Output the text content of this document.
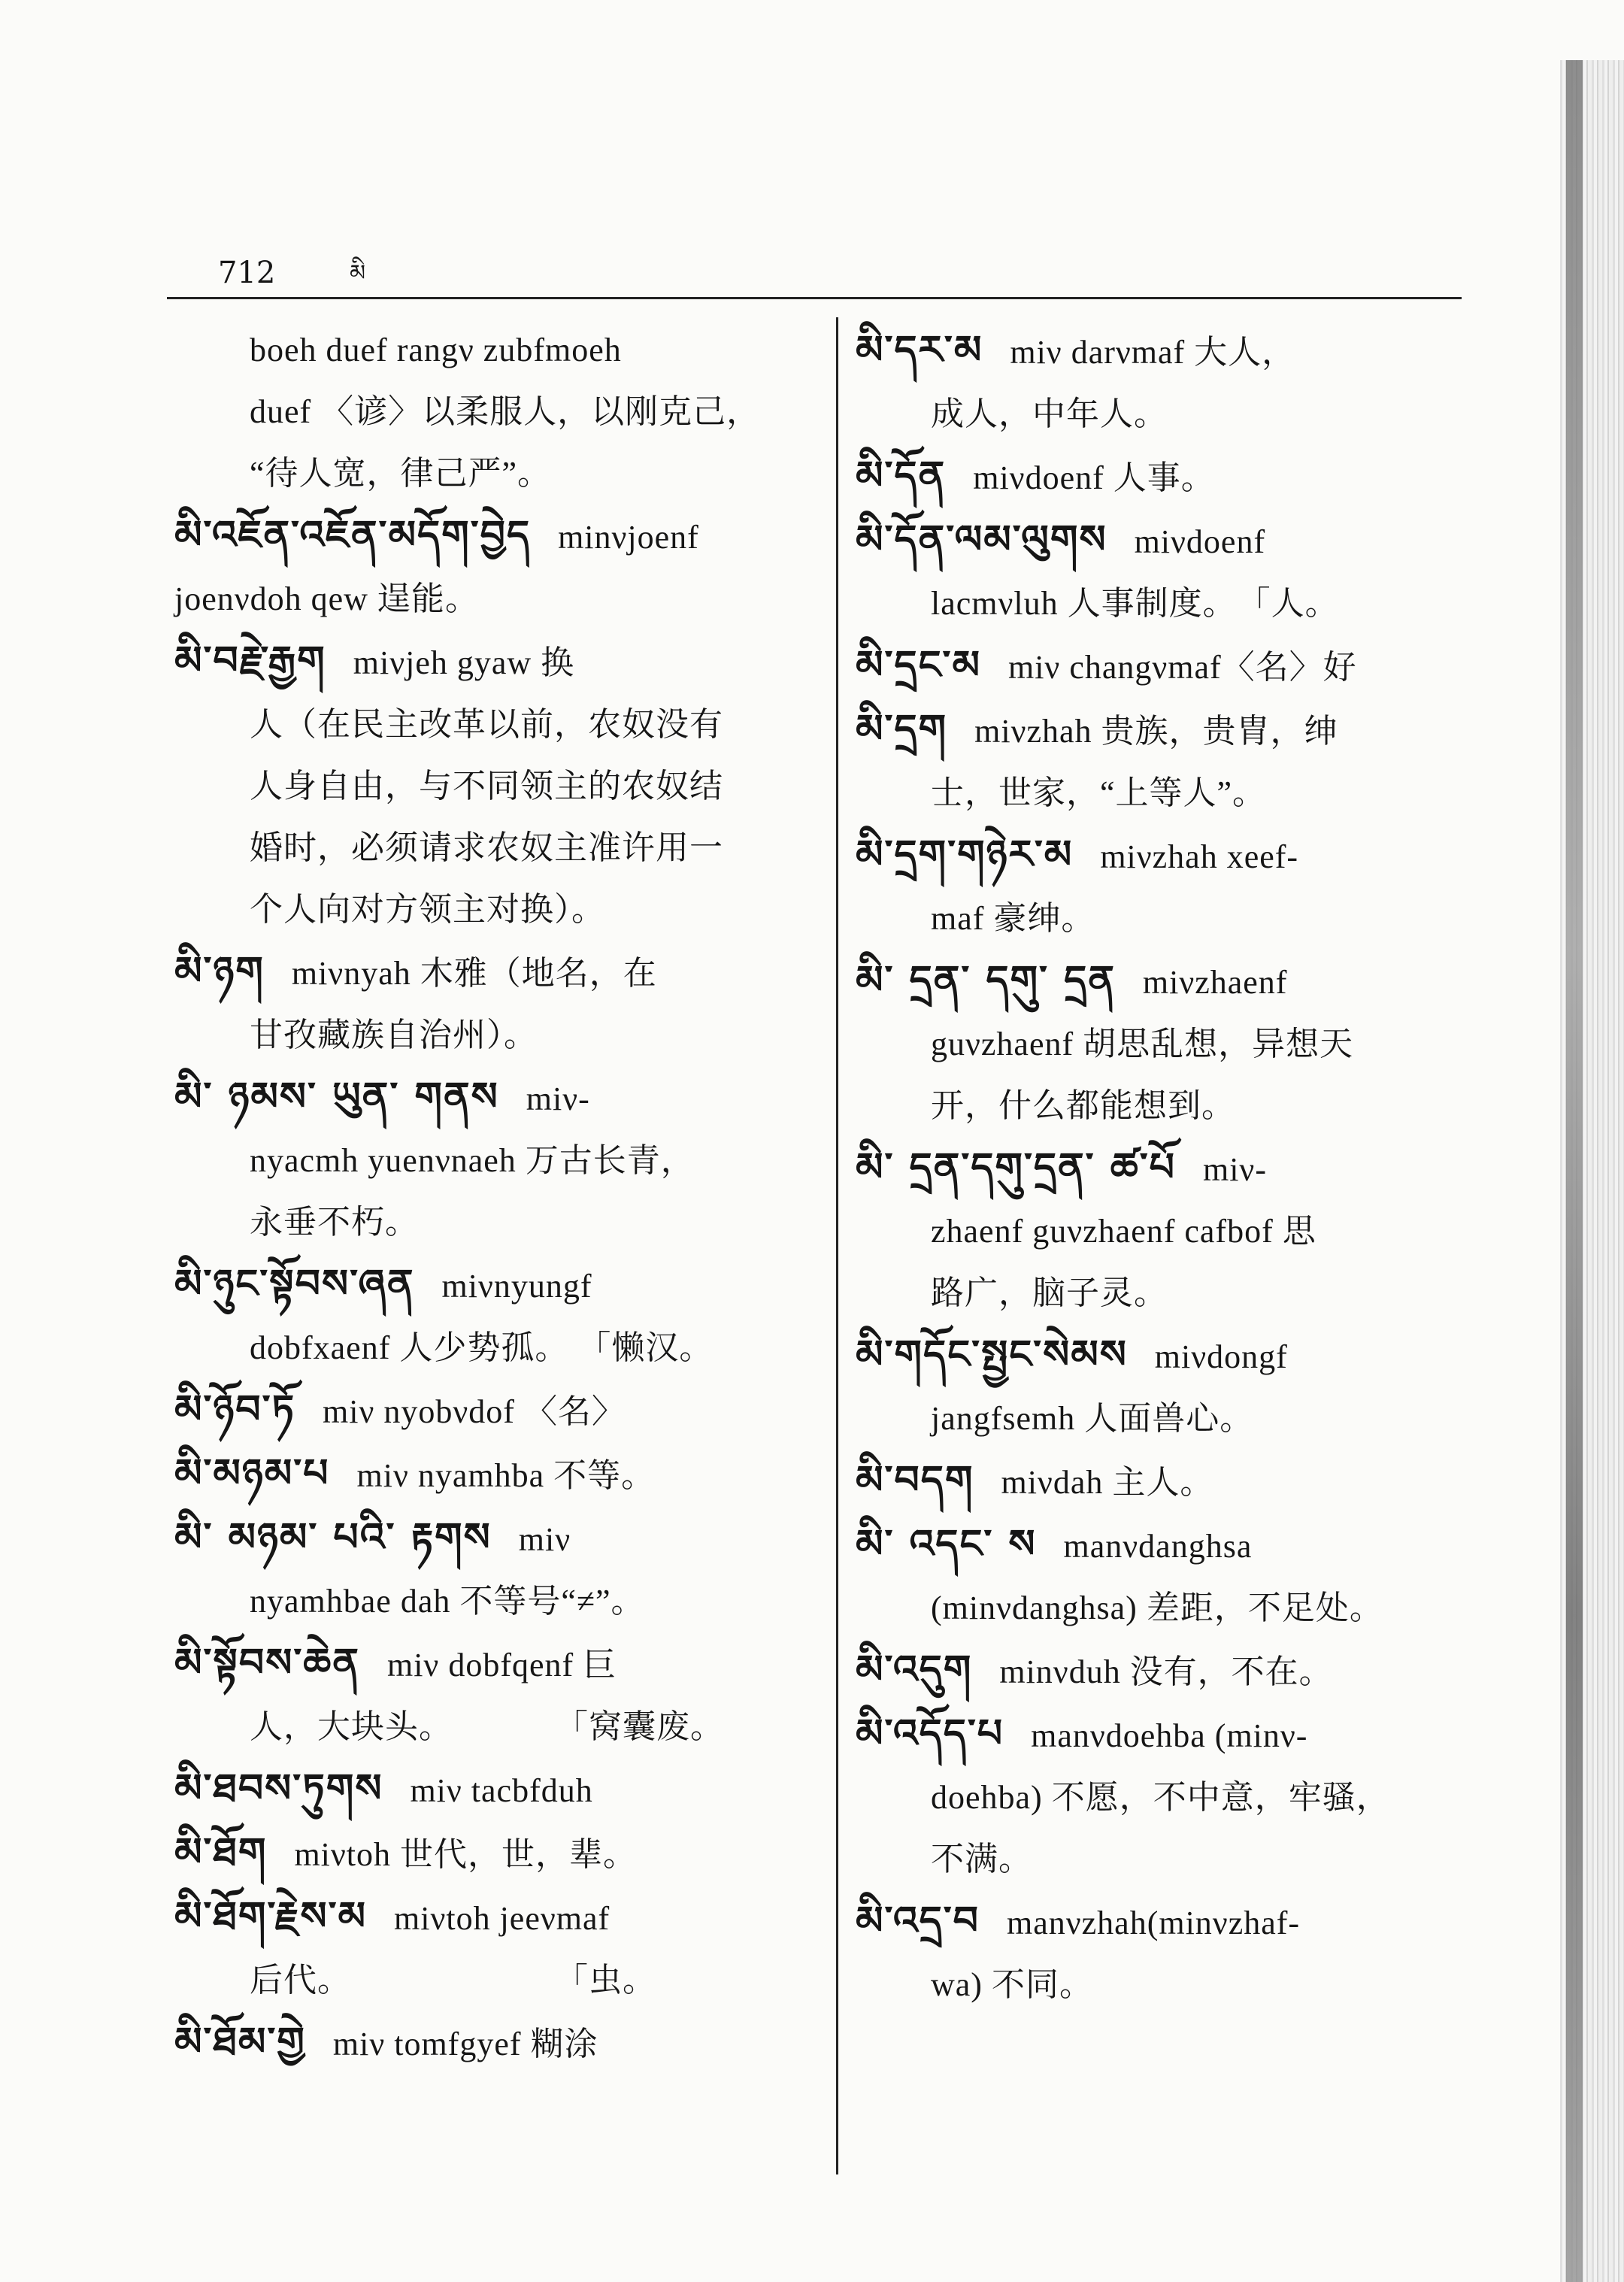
712	མི
boeh duef rangν zubfmoeh
duef 〈谚〉以柔服人，以刚克己，
“待人宽，律己严”。
མི་འཇོན་འཇོན་མདོག་བྱེད minνjoenf joenνdoh qew 逞能。
མི་བརྗེ་རྒྱག miνjeh gyaw 换
人（在民主改革以前，农奴没有
人身自由，与不同领主的农奴结
婚时，必须请求农奴主准许用一
个人向对方领主对换）。
མི་ཉག miνnyah 木雅（地名，在
甘孜藏族自治州）。
མི་ ཉམས་ ཡུན་ གནས miν-
nyacmh yuenνnaeh 万古长青，
永垂不朽。
མི་ཉུང་སྟོབས་ཞན miνnyungf
dobfxaenf 人少势孤。 「懒汉。
མི་ཉོབ་ཏོ miν nyobνdof 〈名〉
མི་མཉམ་པ miν nyamhba 不等。
མི་ མཉམ་ པའི་ རྟགས miν
nyamhbae dah 不等号“≠”。
མི་སྟོབས་ཆེན miν dobfqenf 巨
人，大块头。　　　　「窝囊废。
མི་ཐབས་ཏུགས miν tacbfduh
མི་ཐོག miνtoh 世代，世，辈。
མི་ཐོག་རྗེས་མ miνtoh jeeνmaf
后代。　　　　　　　「虫。
མི་ཐོམ་གྱེ miν tomfgyef 糊涂
མི་དར་མ miν darνmaf 大人，
成人，中年人。
མི་དོན miνdoenf 人事。
མི་དོན་ལམ་ལུགས miνdoenf
lacmνluh 人事制度。　「人。
མི་དྲང་མ miν changνmaf〈名〉好
མི་དྲག miνzhah 贵族，贵胄，绅
士，世家，“上等人”。
མི་དྲག་གཉེར་མ miνzhah xeef-
maf 豪绅。
མི་ དྲན་ དགུ་ དྲན miνzhaenf
guνzhaenf 胡思乱想，异想天
开，什么都能想到。
མི་ དྲན་དགུ་དྲན་ ཚ་པོ miν-
zhaenf guνzhaenf cafbof 思
路广，脑子灵。
མི་གདོང་སྤྱང་སེམས miνdongf
jangfsemh 人面兽心。
མི་བདག miνdah 主人。
མི་ འདང་ ས manνdanghsa
(minνdanghsa) 差距，不足处。
མི་འདུག minνduh 没有，不在。
མི་འདོད་པ manνdoehba (minν-
doehba) 不愿，不中意，牢骚，
不满。
མི་འདྲ་བ manνzhah(minνzhaf-
wa) 不同。
